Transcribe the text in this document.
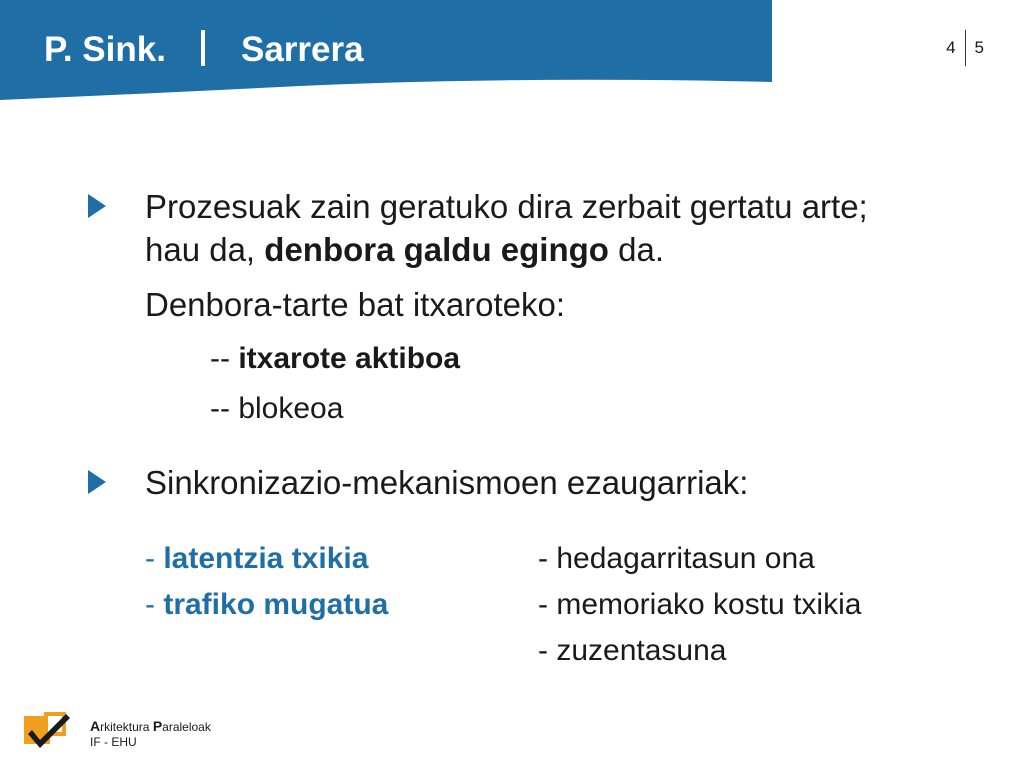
P. Sink. Sarrera	4 5
Prozesuak zain geratuko dira zerbait gertatu arte;
hau da, denbora galdu egingo da.
Denbora-tarte bat itxaroteko:
-- itxarote aktiboa
-- blokeoa
Sinkronizazio-mekanismoen ezaugarriak:
- latentzia txikia
- trafiko mugatua
- hedagarritasun ona
- memoriako kostu txikia
- zuzentasuna
Arkitektura Paraleloak
IF - EHU
